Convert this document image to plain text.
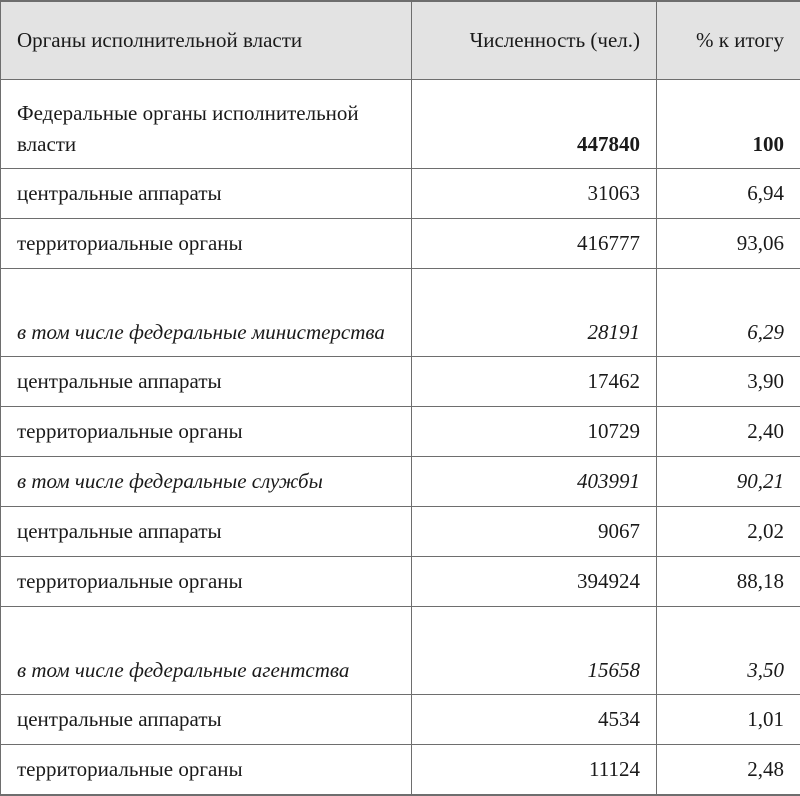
Органы исполнительной власти	Численность (чел.)	% к итогу
Федеральные органы исполнительной власти	447840	100
центральные аппараты	31063	6,94
территориальные органы	416777	93,06
в том числе федеральные министерства	28191	6,29
центральные аппараты	17462	3,90
территориальные органы	10729	2,40
в том числе федеральные службы	403991	90,21
центральные аппараты	9067	2,02
территориальные органы	394924	88,18
в том числе федеральные агентства	15658	3,50
центральные аппараты	4534	1,01
территориальные органы	11124	2,48
